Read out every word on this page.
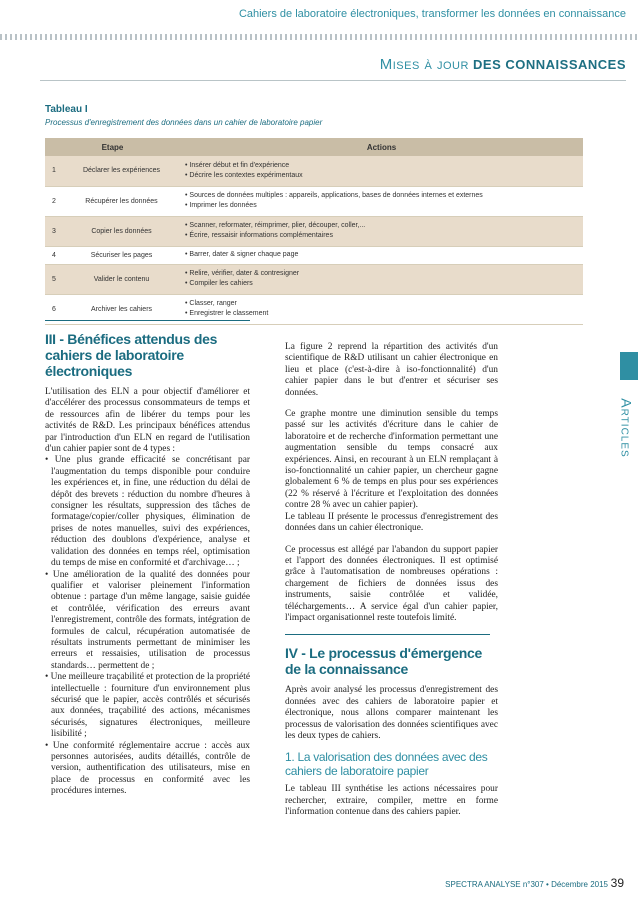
Cahiers de laboratoire électroniques, transformer les données en connaissance
Mises à jour DES CONNAISSANCES
Tableau I
Processus d'enregistrement des données dans un cahier de laboratoire papier
Etape		Actions
1	Déclarer les expériences	• Insérer début et fin d'expérience
• Décrire les contextes expérimentaux

2	Récupérer les données	• Sources de données multiples : appareils, applications, bases de données internes et externes
• Imprimer les données

3	Copier les données	• Scanner, reformater, réimprimer, plier, découper, coller,...
• Écrire, ressaisir informations complémentaires

4	Sécuriser les pages	• Barrer, dater & signer chaque page

5	Valider le contenu	• Relire, vérifier, dater & contresigner
• Compiler les cahiers

6	Archiver les cahiers	• Classer, ranger
• Enregistrer le classement
Articles
III - Bénéfices attendus des cahiers de laboratoire électroniques

L'utilisation des ELN a pour objectif d'améliorer et d'accélérer des processus consommateurs de temps et de ressources afin de libérer du temps pour les activités de R&D. Les principaux bénéfices attendus par l'introduction d'un ELN en regard de l'utilisation d'un cahier papier sont de 4 types :

• Une plus grande efficacité se concrétisant par l'augmentation du temps disponible pour conduire les expériences et, in fine, une réduction du délai de dépôt des brevets : réduction du nombre d'heures à consigner les résultats, suppression des tâches de formatage/copier/coller physiques, élimination de prises de notes manuelles, suivi des expériences, réduction des doublons d'expérience, analyse et validation des données en temps réel, optimisation du temps de mise en conformité et d'archivage… ;

• Une amélioration de la qualité des données pour qualifier et valoriser pleinement l'information obtenue : partage d'un même langage, saisie guidée et contrôlée, vérification des erreurs avant l'enregistrement, contrôle des formats, intégration de formules de calcul, récupération automatisée de résultats instruments permettant de minimiser les erreurs et ressaisies, utilisation de processus standards… permettent de ;

• Une meilleure traçabilité et protection de la propriété intellectuelle : fourniture d'un environnement plus sécurisé que le papier, accès contrôlés et sécurisés aux données, traçabilité des actions, mécanismes sécurisés, signatures électroniques, meilleure lisibilité ;

• Une conformité réglementaire accrue : accès aux personnes autorisées, audits détaillés, contrôle de version, authentification des utilisateurs, mise en place de processus en conformité avec les procédures internes.

La figure 2 reprend la répartition des activités d'un scientifique de R&D utilisant un cahier électronique en lieu et place (c'est-à-dire à iso-fonctionnalité) d'un cahier papier dans le but d'entrer et sécuriser ses données.

Ce graphe montre une diminution sensible du temps passé sur les activités d'écriture dans le cahier de laboratoire et de recherche d'information permettant une augmentation sensible du temps consacré aux expériences. Ainsi, en recourant à un ELN remplaçant à iso-fonctionnalité un cahier papier, un chercheur gagne globalement 6 % de temps en plus pour ses expériences (22 % réservé à l'écriture et l'exploitation des données contre 28 % avec un cahier papier).

Le tableau II présente le processus d'enregistrement des données dans un cahier électronique.

Ce processus est allégé par l'abandon du support papier et l'apport des données électroniques. Il est optimisé grâce à l'automatisation de nombreuses opérations : chargement de fichiers de données issus des instruments, saisie contrôlée et validée, téléchargements… A service égal d'un cahier papier, l'impact organisationnel reste toutefois limité.

IV - Le processus d'émergence de la connaissance

Après avoir analysé les processus d'enregistrement des données avec des cahiers de laboratoire papier et électronique, nous allons comparer maintenant les processus de valorisation des données scientifiques avec les deux types de cahiers.

1. La valorisation des données avec des cahiers de laboratoire papier

Le tableau III synthétise les actions nécessaires pour rechercher, extraire, compiler, mettre en forme l'information contenue dans des cahiers papier.

SPECTRA ANALYSE n°307 • Décembre 2015 39
